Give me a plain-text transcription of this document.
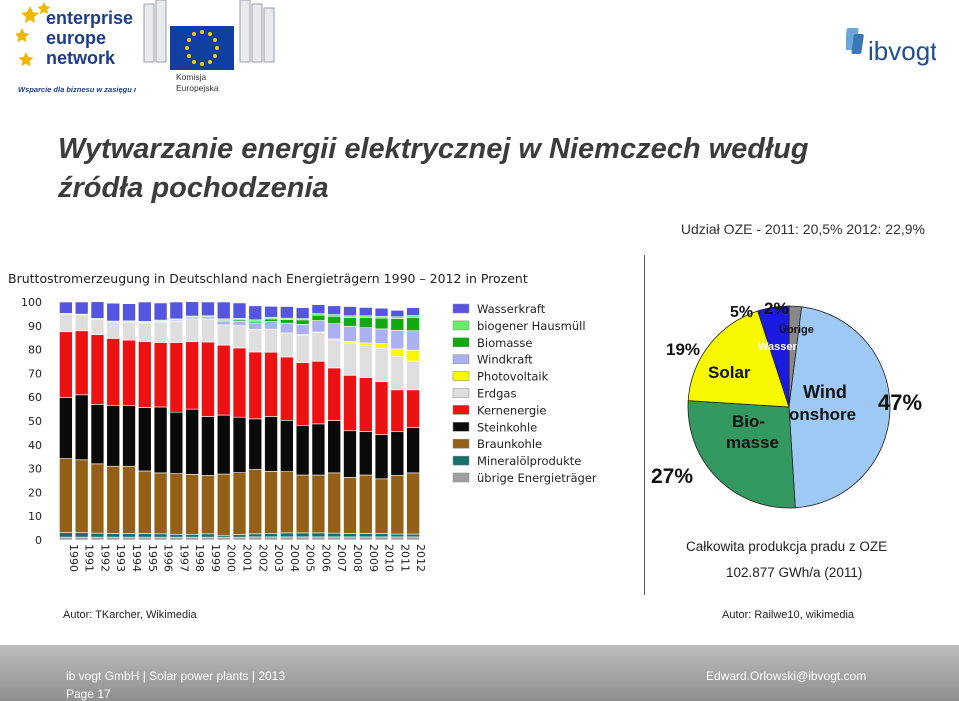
enterprise
europe
network
Wsparcie dla biznesu w zasięgu ręki
Komisja
Europejska
ibvogt
Wytwarzanie energii elektrycznej w Niemczech według
źródła pochodzenia
Udział OZE - 2011: 20,5% 2012: 22,9%
Bruttostromerzeugung in Deutschland nach Energieträgern 1990 – 2012 in Prozent
0
10
20
30
40
50
60
70
80
90
100
1990 1991 1992 1993 1994 1995 1996 1997 1998 1999 2000 2001 2002 2003 2004 2005 2006 2007 2008 2009 2010 2011 2012
Wasserkraft
biogener Hausmüll
Biomasse
Windkraft
Photovoltaik
Erdgas
Kernenergie
Steinkohle
Braunkohle
Mineralölprodukte
übrige Energieträger
Autor: TKarcher, Wikimedia
47%
27%
19%
5% 2%
Solar
Bio-
masse
Wind
onshore
Wasser
Übrige
Całkowita produkcja pradu z OZE
102.877 GWh/a (2011)
Autor: Railwe10, wikimedia
ib vogt GmbH | Solar power plants | 2013
Page 17
Edward.Orlowski@ibvogt.com
